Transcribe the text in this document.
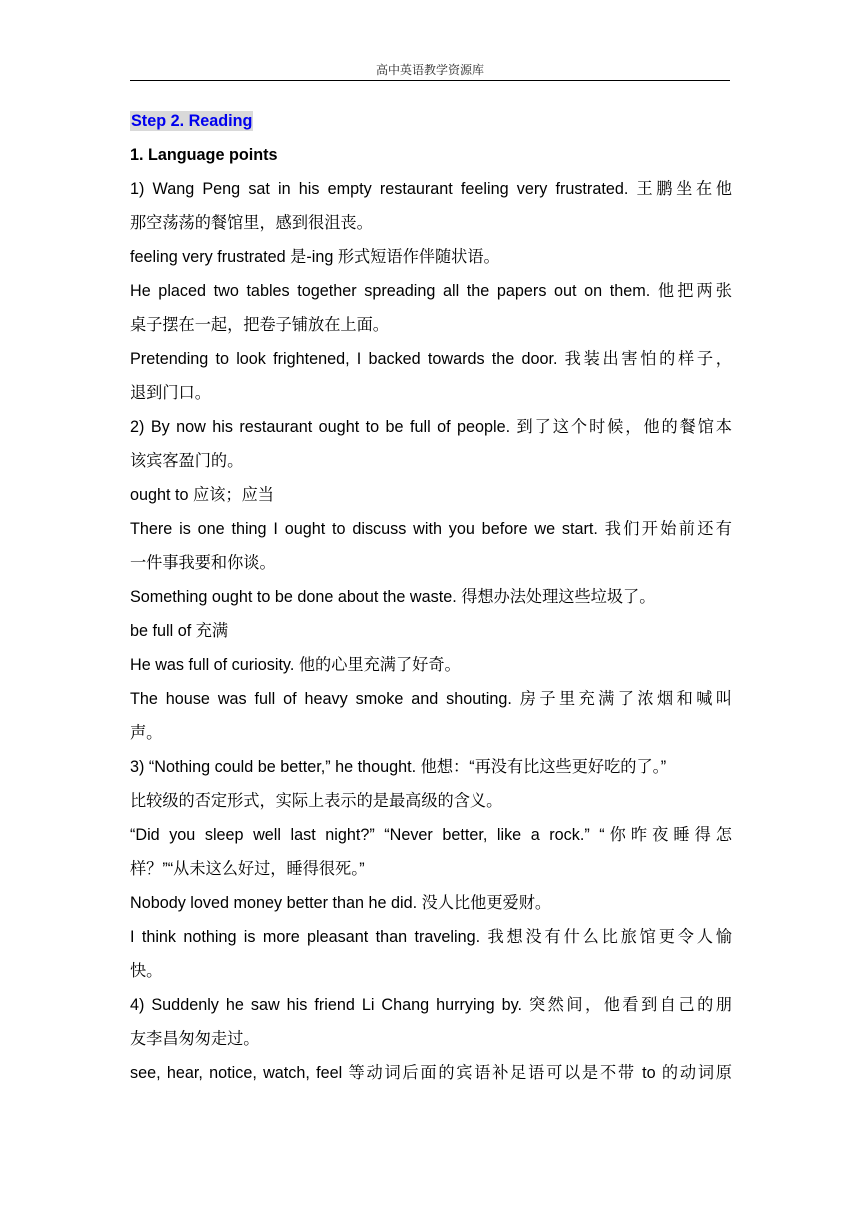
高中英语教学资源库
Step 2. Reading
1. Language points
1) Wang Peng sat in his empty restaurant feeling very frustrated. 王鹏坐在他
那空荡荡的餐馆里，感到很沮丧。
feeling very frustrated 是-ing 形式短语作伴随状语。
He placed two tables together spreading all the papers out on them. 他把两张
桌子摆在一起，把卷子铺放在上面。
Pretending to look frightened, I backed towards the door. 我装出害怕的样子，
退到门口。
2) By now his restaurant ought to be full of people. 到了这个时候，他的餐馆本
该宾客盈门的。
ought to 应该；应当
There is one thing I ought to discuss with you before we start. 我们开始前还有
一件事我要和你谈。
Something ought to be done about the waste. 得想办法处理这些垃圾了。
be full of 充满
He was full of curiosity. 他的心里充满了好奇。
The house was full of heavy smoke and shouting. 房子里充满了浓烟和喊叫
声。
3) “Nothing could be better,” he thought. 他想：“再没有比这些更好吃的了。”
比较级的否定形式，实际上表示的是最高级的含义。
“Did you sleep well last night?” “Never better, like a rock.” “你昨夜睡得怎
样？”“从未这么好过，睡得很死。”
Nobody loved money better than he did. 没人比他更爱财。
I think nothing is more pleasant than traveling. 我想没有什么比旅馆更令人愉
快。
4) Suddenly he saw his friend Li Chang hurrying by. 突然间，他看到自己的朋
友李昌匆匆走过。
see, hear, notice, watch, feel 等动词后面的宾语补足语可以是不带 to 的动词原
